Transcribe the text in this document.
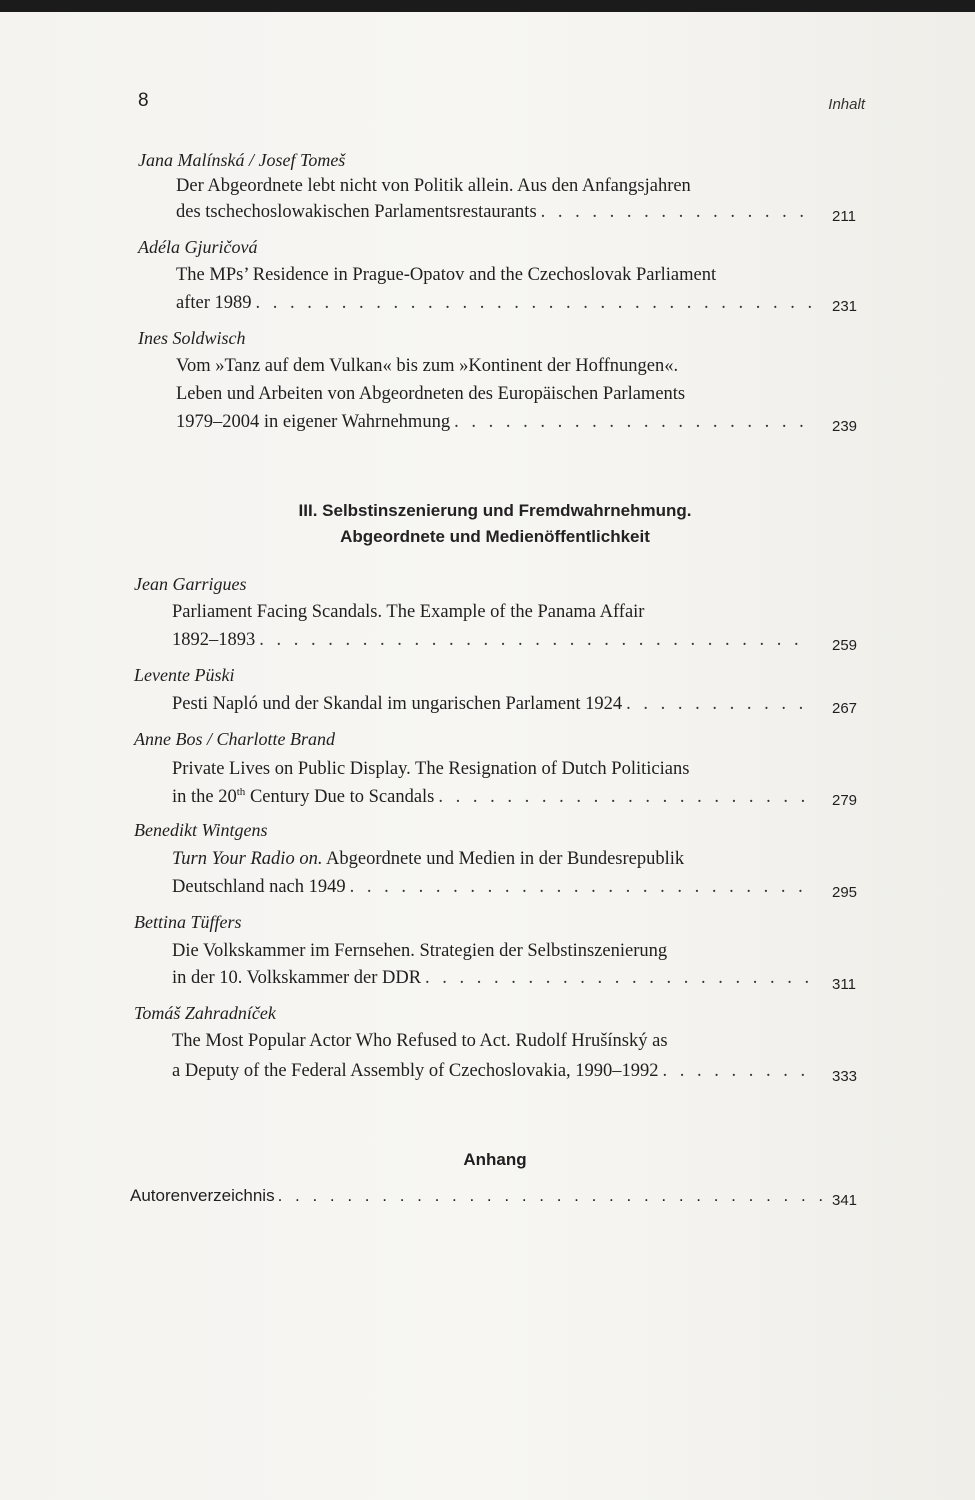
8	Inhalt
Jana Malínská / Josef Tomeš
Der Abgeordnete lebt nicht von Politik allein. Aus den Anfangsjahren
des tschechoslowakischen Parlamentsrestaurants . . .	211
Adéla Gjuričová
The MPs’ Residence in Prague-Opatov and the Czechoslovak Parliament
after 1989 . . .	231
Ines Soldwisch
Vom »Tanz auf dem Vulkan« bis zum »Kontinent der Hoffnungen«.
Leben und Arbeiten von Abgeordneten des Europäischen Parlaments
1979–2004 in eigener Wahrnehmung . . .	239
III. Selbstinszenierung und Fremdwahrnehmung.
Abgeordnete und Medienöffentlichkeit
Jean Garrigues
Parliament Facing Scandals. The Example of the Panama Affair
1892–1893 . . .	259
Levente Püski
Pesti Napló und der Skandal im ungarischen Parlament 1924 . . .	267
Anne Bos / Charlotte Brand
Private Lives on Public Display. The Resignation of Dutch Politicians
in the 20th Century Due to Scandals . . .	279
Benedikt Wintgens
Turn Your Radio on. Abgeordnete und Medien in der Bundesrepublik
Deutschland nach 1949 . . .	295
Bettina Tüffers
Die Volkskammer im Fernsehen. Strategien der Selbstinszenierung
in der 10. Volkskammer der DDR . . .	311
Tomáš Zahradníček
The Most Popular Actor Who Refused to Act. Rudolf Hrušínský as
a Deputy of the Federal Assembly of Czechoslovakia, 1990–1992 . . .	333
Anhang
Autorenverzeichnis . . .	341
